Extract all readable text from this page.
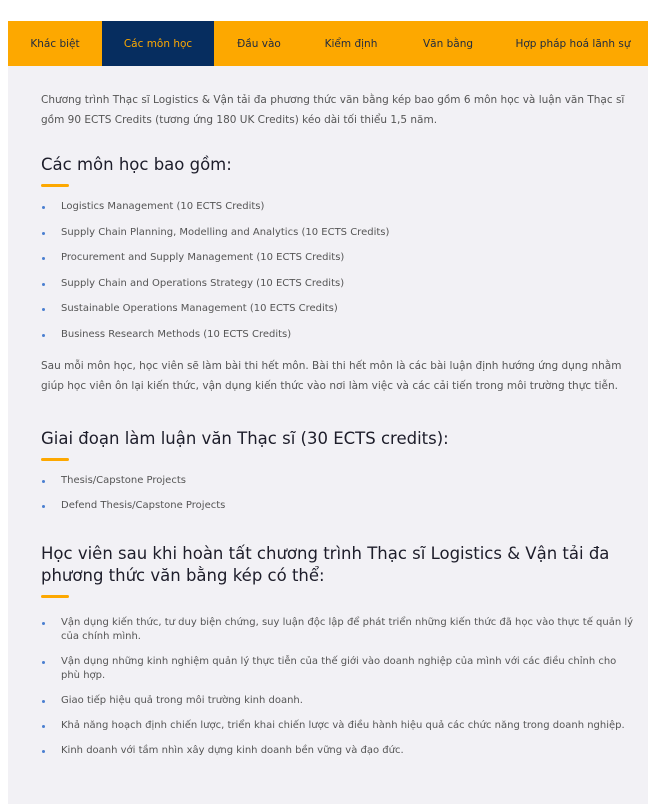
Khác biệt	Các môn học	Đầu vào	Kiểm định	Văn bằng	Hợp pháp hoá lãnh sự

Chương trình Thạc sĩ Logistics & Vận tải đa phương thức văn bằng kép bao gồm 6 môn học và luận văn Thạc sĩ gồm 90 ECTS Credits (tương ứng 180 UK Credits) kéo dài tối thiểu 1,5 năm.

Các môn học bao gồm:
Logistics Management (10 ECTS Credits)
Supply Chain Planning, Modelling and Analytics (10 ECTS Credits)
Procurement and Supply Management (10 ECTS Credits)
Supply Chain and Operations Strategy (10 ECTS Credits)
Sustainable Operations Management (10 ECTS Credits)
Business Research Methods (10 ECTS Credits)

Sau mỗi môn học, học viên sẽ làm bài thi hết môn. Bài thi hết môn là các bài luận định hướng ứng dụng nhằm giúp học viên ôn lại kiến thức, vận dụng kiến thức vào nơi làm việc và các cải tiến trong môi trường thực tiễn.

Giai đoạn làm luận văn Thạc sĩ (30 ECTS credits):
Thesis/Capstone Projects
Defend Thesis/Capstone Projects
Học viên sau khi hoàn tất chương trình Thạc sĩ Logistics & Vận tải đa phương thức văn bằng kép có thể:
Vận dụng kiến thức, tư duy biện chứng, suy luận độc lập để phát triển những kiến thức đã học vào thực tế quản lý của chính mình.
Vận dụng những kinh nghiệm quản lý thực tiễn của thế giới vào doanh nghiệp của mình với các điều chỉnh cho phù hợp.
Giao tiếp hiệu quả trong môi trường kinh doanh.
Khả năng hoạch định chiến lược, triển khai chiến lược và điều hành hiệu quả các chức năng trong doanh nghiệp.
Kinh doanh với tầm nhìn xây dựng kinh doanh bền vững và đạo đức.
